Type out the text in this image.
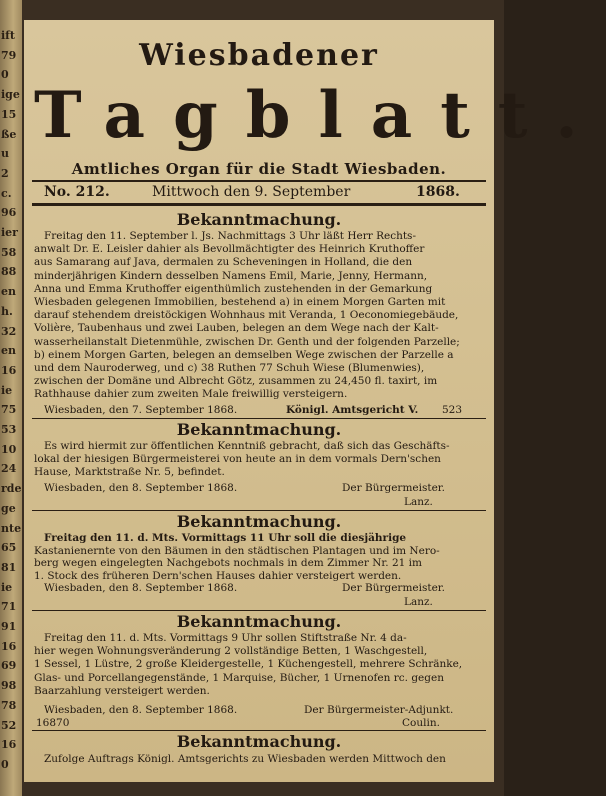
ift
79
0
ige
15
ße
u
2
c.
96
ier
58
88
en
h.
32
en
16
ie
75
53
10
24
rde
ge
nte
65
81
ie
71
91
16
69
98
78
52
16
0
Wiesbadener
Tagblatt.
Amtliches Organ für die Stadt Wiesbaden.
No. 212.	Mittwoch den 9. September	1868.
Bekanntmachung.
Freitag den 11. September l. Js. Nachmittags 3 Uhr läßt Herr Rechts-
anwalt Dr. E. Leisler dahier als Bevollmächtigter des Heinrich Kruthoffer
aus Samarang auf Java, dermalen zu Scheveningen in Holland, die den
minderjährigen Kindern desselben Namens Emil, Marie, Jenny, Hermann,
Anna und Emma Kruthoffer eigenthümlich zustehenden in der Gemarkung
Wiesbaden gelegenen Immobilien, bestehend a) in einem Morgen Garten mit
darauf stehendem dreistöckigen Wohnhaus mit Veranda, 1 Oeconomiegebäude,
Volière, Taubenhaus und zwei Lauben, belegen an dem Wege nach der Kalt-
wasserheilanstalt Dietenmühle, zwischen Dr. Genth und der folgenden Parzelle;
b) einem Morgen Garten, belegen an demselben Wege zwischen der Parzelle a
und dem Nauroderweg, und c) 38 Ruthen 77 Schuh Wiese (Blumenwies),
zwischen der Domäne und Albrecht Götz, zusammen zu 24,450 fl. taxirt, im
Rathhause dahier zum zweiten Male freiwillig versteigern.
Wiesbaden, den 7. September 1868.	Königl. Amtsgericht V. 523
Bekanntmachung.
Es wird hiermit zur öffentlichen Kenntniß gebracht, daß sich das Geschäfts-
lokal der hiesigen Bürgermeisterei von heute an in dem vormals Dern'schen
Hause, Marktstraße Nr. 5, befindet.
Wiesbaden, den 8. September 1868.	Der Bürgermeister.
Lanz.
Bekanntmachung.
Freitag den 11. d. Mts. Vormittags 11 Uhr soll die diesjährige
Kastanienernte von den Bäumen in den städtischen Plantagen und im Nero-
berg wegen eingelegten Nachgebots nochmals in dem Zimmer Nr. 21 im
1. Stock des früheren Dern'schen Hauses dahier versteigert werden.
Wiesbaden, den 8. September 1868.	Der Bürgermeister.
Lanz.
Bekanntmachung.
Freitag den 11. d. Mts. Vormittags 9 Uhr sollen Stiftstraße Nr. 4 da-
hier wegen Wohnungsveränderung 2 vollständige Betten, 1 Waschgestell,
1 Sessel, 1 Lüstre, 2 große Kleidergestelle, 1 Küchengestell, mehrere Schränke,
Glas- und Porcellangegenstände, 1 Marquise, Bücher, 1 Urnenofen rc. gegen
Baarzahlung versteigert werden.
Wiesbaden, den 8. September 1868.	Der Bürgermeister-Adjunkt.
16870	Coulin.
Bekanntmachung.
Zufolge Auftrags Königl. Amtsgerichts zu Wiesbaden werden Mittwoch den
